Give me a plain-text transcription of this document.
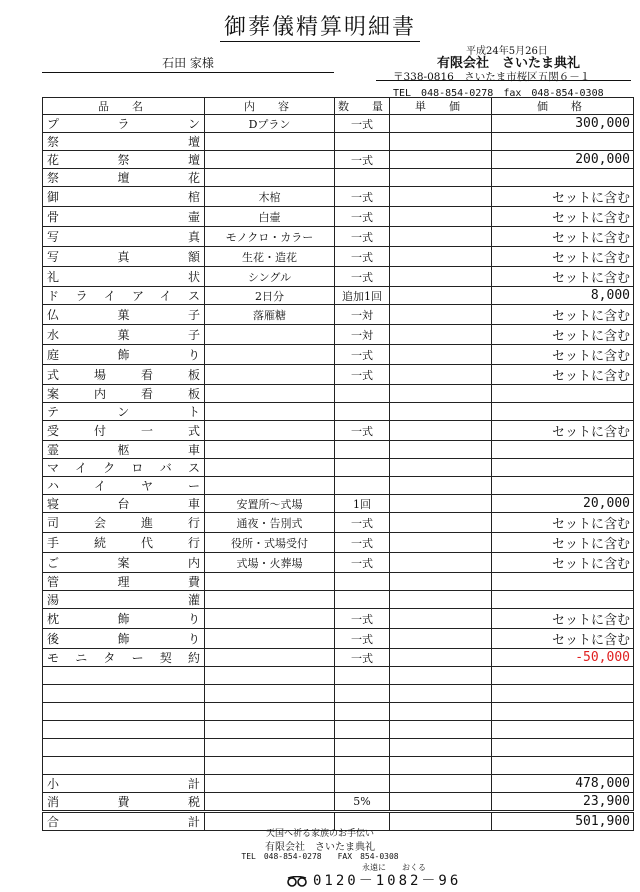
御葬儀精算明細書
平成24年5月26日
石田 家様	有限会社　さいたま典礼
〒338-0816　さいたま市桜区五関６－１
TEL　048-854-0278 fax　048-854-0308
品　名	内　容	数　量	単　価	価　格
プラン	Dプラン	一式		300,000
祭壇				
花祭壇		一式		200,000
祭壇花				
御棺	木棺	一式		セットに含む
骨壷	白壷	一式		セットに含む
写真	モノクロ・カラー	一式		セットに含む
写真額	生花・造花	一式		セットに含む
礼状	シングル	一式		セットに含む
ドライアイス	2日分	追加1回		8,000
仏菓子	落雁糖	一対		セットに含む
水菓子		一対		セットに含む
庭飾り		一式		セットに含む
式場看板		一式		セットに含む
案内看板				
テント				
受付一式		一式		セットに含む
霊柩車				
マイクロバス				
ハイヤー				
寝台車	安置所～式場	1回		20,000
司会進行	通夜・告別式	一式		セットに含む
手続代行	役所・式場受付	一式		セットに含む
ご案内	式場・火葬場	一式		セットに含む
管理費				
湯灌				
枕飾り		一式		セットに含む
後飾り		一式		セットに含む
モニター契約		一式		-50,000

小計				478,000
消費税		5%		23,900
合計				501,900
天国へ祈る家族のお手伝い
有限会社　さいたま典礼
TEL　048-854-0278　　FAX　854-0308
永遠に　　おくる
0120－1082－96
